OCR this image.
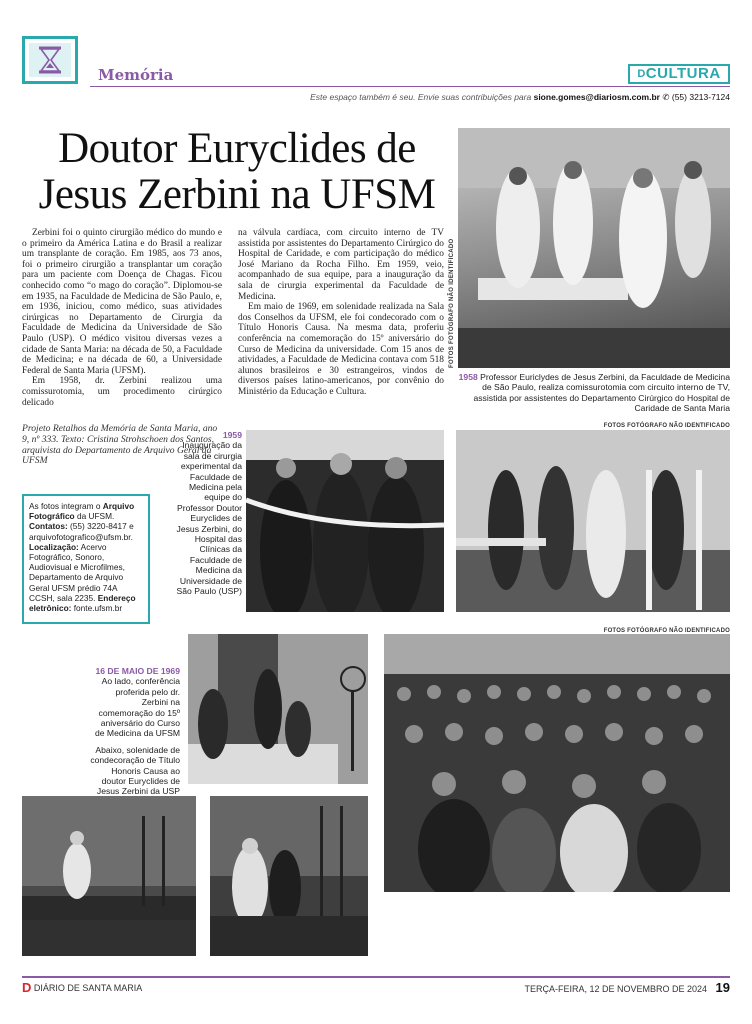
Memória	DCULTURA
Este espaço também é seu. Envie suas contribuições para sione.gomes@diariosm.com.br ✆ (55) 3213-7124
Doutor Euryclides de Jesus Zerbini na UFSM

Zerbini foi o quinto cirurgião médico do mundo e o primeiro da América Latina e do Brasil a realizar um transplante de coração. Em 1985, aos 73 anos, foi o primeiro cirurgião a transplantar um coração para um paciente com Doença de Chagas. Ficou conhecido como “o mago do coração”. Diplomou-se em 1935, na Faculdade de Medicina de São Paulo, e, em 1936, iniciou, como médico, suas atividades cirúrgicas no Departamento de Cirurgia da Faculdade de Medicina da Universidade de São Paulo (USP). O médico visitou diversas vezes a cidade de Santa Maria: na década de 50, a Faculdade de Medicina; e na década de 60, a Universidade Federal de Santa Maria (UFSM).

Em 1958, dr. Zerbini realizou uma comissurotomia, um procedimento cirúrgico delicado

na válvula cardíaca, com circuito interno de TV assistida por assistentes do Departamento Cirúrgico do Hospital de Caridade, e com participação do médico José Mariano da Rocha Filho. Em 1959, veio, acompanhado de sua equipe, para a inauguração da sala de cirurgia experimental da Faculdade de Medicina.

Em maio de 1969, em solenidade realizada na Sala dos Conselhos da UFSM, ele foi condecorado com o Título Honoris Causa. Na mesma data, proferiu conferência na comemoração do 15º aniversário do Curso de Medicina da universidade. Com 15 anos de atividades, a Faculdade de Medicina contava com 518 alunos brasileiros e 30 estrangeiros, vindos de diversos países latino-americanos, por convênio do Ministério da Educação e Cultura.

Projeto Retalhos da Memória de Santa Maria, ano 9, nº 333. Texto: Cristina Strohschoen dos Santos, arquivista do Departamento de Arquivo Geral da UFSM
As fotos integram o Arquivo Fotográfico da UFSM. Contatos: (55) 3220-8417 e arquivofotografico@ufsm.br. Localização: Acervo Fotográfico, Sonoro, Audiovisual e Microfilmes, Departamento de Arquivo Geral UFSM prédio 74A CCSH, sala 2235. Endereço eletrônico: fonte.ufsm.br
FOTOS FOTÓGRAFO NÃO IDENTIFICADO
1958 Professor Euriclydes de Jesus Zerbini, da Faculdade de Medicina de São Paulo, realiza comissurotomia com circuito interno de TV, assistida por assistentes do Departamento Cirúrgico do Hospital de Caridade de Santa Maria
FOTOS FOTÓGRAFO NÃO IDENTIFICADO
1959
Inauguração da sala de cirurgia experimental da Faculdade de Medicina pela equipe do Professor Doutor Euryclides de Jesus Zerbini, do Hospital das Clínicas da Faculdade de Medicina da Universidade de São Paulo (USP)
FOTOS FOTÓGRAFO NÃO IDENTIFICADO
16 DE MAIO DE 1969
Ao lado, conferência proferida pelo dr. Zerbini na comemoração do 15º aniversário do Curso de Medicina da UFSM
Abaixo, solenidade de condecoração de Título Honoris Causa ao doutor Euryclides de Jesus Zerbini da USP
D DIÁRIO DE SANTA MARIA	TERÇA-FEIRA, 12 DE NOVEMBRO DE 2024 19
